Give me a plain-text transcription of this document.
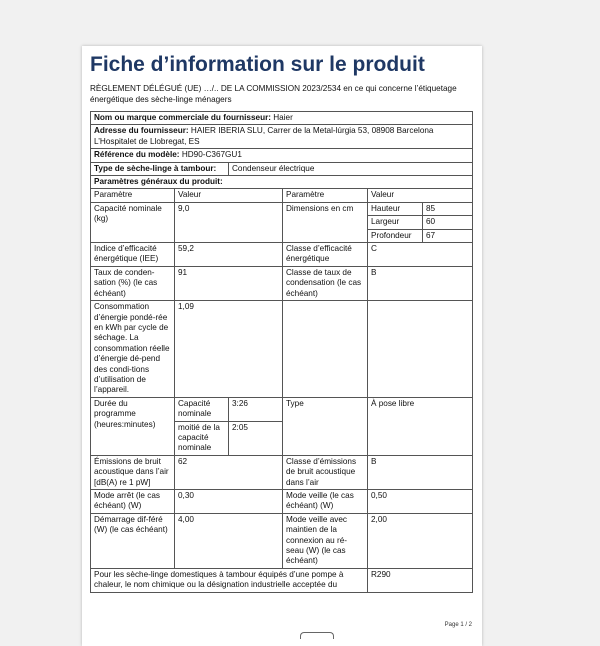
Fiche d’information sur le produit
RÈGLEMENT DÉLÉGUÉ (UE) …/.. DE LA COMMISSION 2023/2534 en ce qui concerne l’étiquetage énergétique des sèche-linge ménagers
Nom ou marque commerciale du fournisseur: Haier					
Adresse du fournisseur: HAIER IBERIA SLU, Carrer de la Metal-lúrgia 53, 08908 Barcelona L’Hospitalet de Llobregat, ES					
Référence du modèle: HD90-C367GU1					
Type de sèche-linge à tambour:		Condenseur électrique			
Paramètres généraux du produit:					
Paramètre	Valeur		Paramètre	Valeur	
Capacité nominale (kg)	9,0		Dimensions en cm	Hauteur	85
				Largeur	60
				Profondeur	67
Indice d’efficacité énergétique (IEE)	59,2		Classe d’efficacité énergétique	C	
Taux de conden-sation (%) (le cas échéant)	91		Classe de taux de condensation (le cas échéant)	B	
Consommation d’énergie pondé-rée en kWh par cycle de séchage. La consommation réelle d’énergie dé-pend des condi-tions d’utilisation de l’appareil.	1,09				
Durée du programme (heures:minutes)	Capacité nominale	3:26	Type	À pose libre	
	moitié de la capacité nominale	2:05			
Émissions de bruit acoustique dans l’air [dB(A) re 1 pW]	62		Classe d’émissions de bruit acoustique dans l’air	B	
Mode arrêt (le cas échéant) (W)	0,30		Mode veille (le cas échéant) (W)	0,50	
Démarrage dif-féré (W) (le cas échéant)	4,00		Mode veille avec maintien de la connexion au ré-seau (W) (le cas échéant)	2,00	
Pour les sèche-linge domestiques à tambour équipés d’une pompe à chaleur, le nom chimique ou la désignation industrielle acceptée du				R290	
Page 1 / 2
